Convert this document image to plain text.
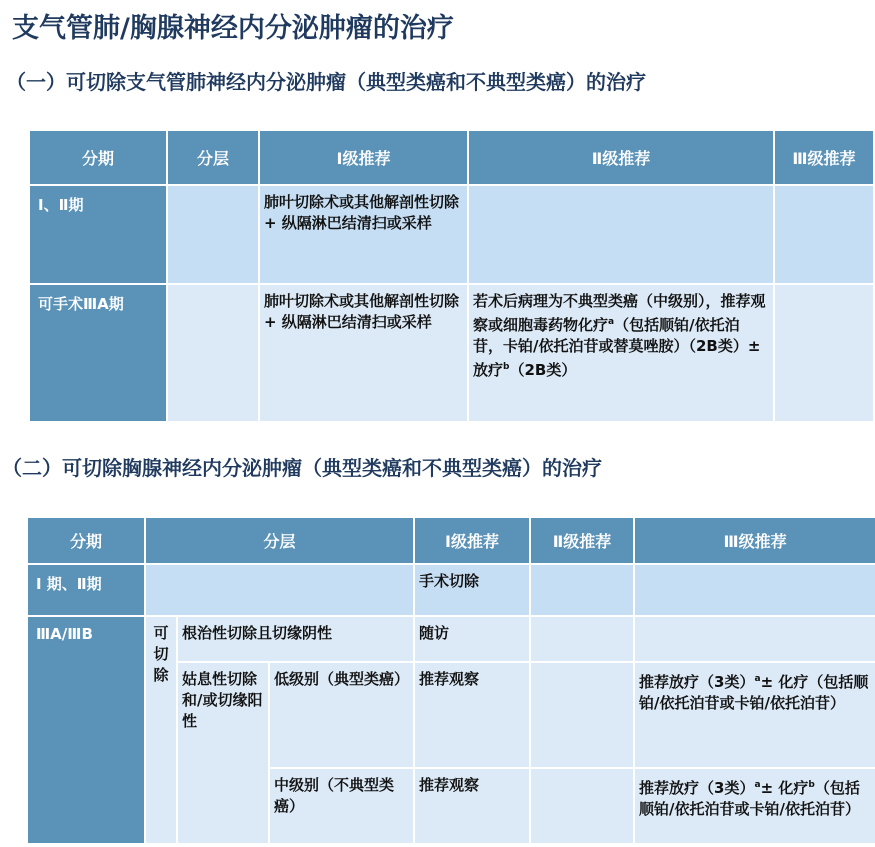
支气管肺/胸腺神经内分泌肿瘤的治疗
（一）可切除支气管肺神经内分泌肿瘤（典型类癌和不典型类癌）的治疗
分期	分层	Ⅰ级推荐	Ⅱ级推荐	Ⅲ级推荐
Ⅰ、Ⅱ期		肺叶切除术或其他解剖性切除 + 纵隔淋巴结清扫或采样		
可手术ⅢA期		肺叶切除术或其他解剖性切除 + 纵隔淋巴结清扫或采样	若术后病理为不典型类癌（中级别），推荐观察或细胞毒药物化疗$^a$（包括顺铂/依托泊苷，卡铂/依托泊苷或替莫唑胺）（2B类）± 放疗$^b$（2B类）	
（二）可切除胸腺神经内分泌肿瘤（典型类癌和不典型类癌）的治疗
分期	分层			Ⅰ级推荐	Ⅱ级推荐	Ⅲ级推荐
Ⅰ 期、Ⅱ期				手术切除		
ⅢA/ⅢB	可切除	根治性切除且切缘阴性		随访		
		姑息性切除和/或切缘阳性	低级别（典型类癌）	推荐观察		推荐放疗（3类）$^a$± 化疗（包括顺铂/依托泊苷或卡铂/依托泊苷）
			中级别（不典型类癌）	推荐观察		推荐放疗（3类）$^a$± 化疗$^b$（包括顺铂/依托泊苷或卡铂/依托泊苷）
